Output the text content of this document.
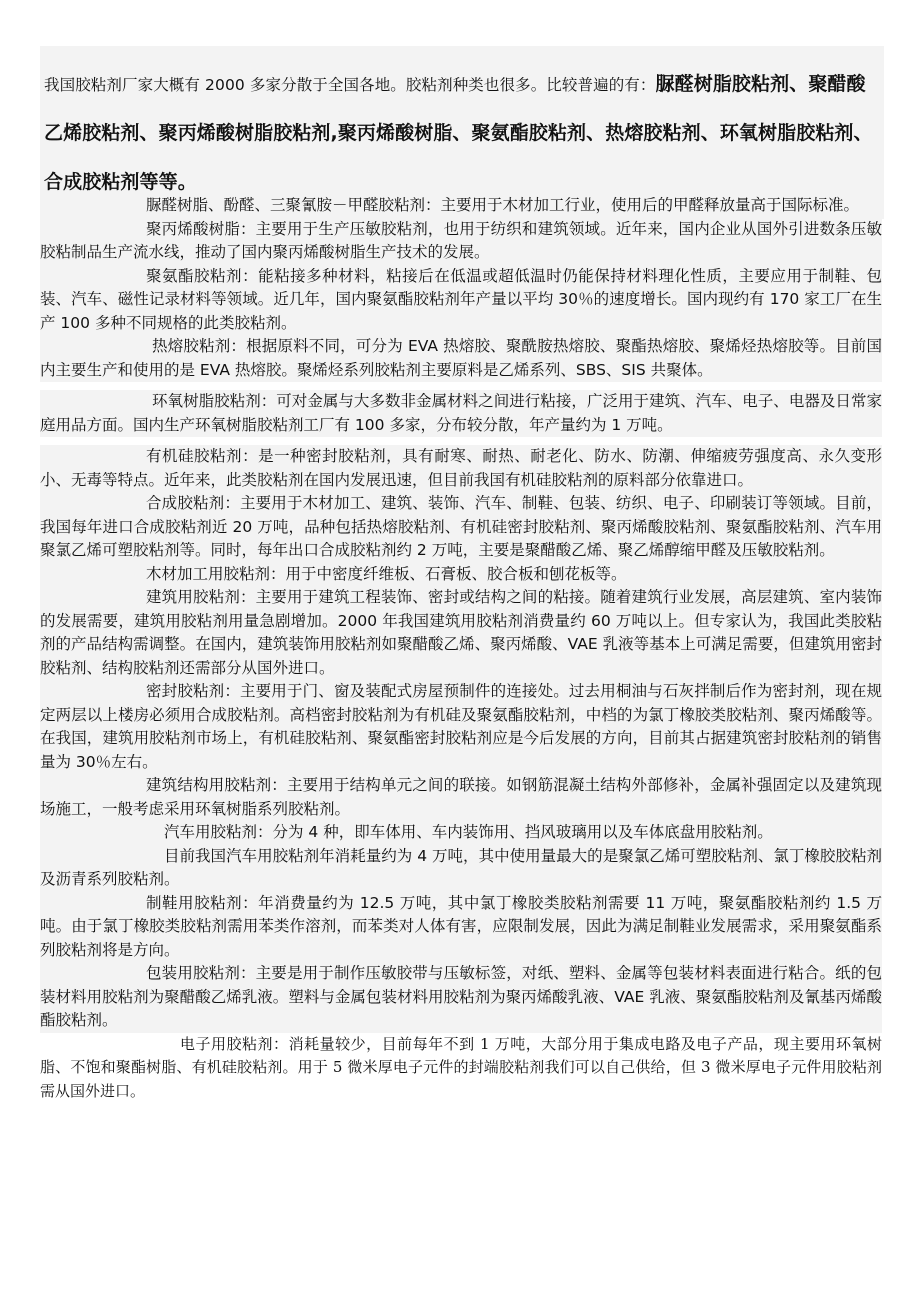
我国胶粘剂厂家大概有 2000 多家分散于全国各地。胶粘剂种类也很多。比较普遍的有：脲醛树脂胶粘剂、聚醋酸乙烯胶粘剂、聚丙烯酸树脂胶粘剂,聚丙烯酸树脂、聚氨酯胶粘剂、热熔胶粘剂、环氧树脂胶粘剂、合成胶粘剂等等。

脲醛树脂、酚醛、三聚氰胺－甲醛胶粘剂：主要用于木材加工行业，使用后的甲醛释放量高于国际标准。

聚丙烯酸树脂：主要用于生产压敏胶粘剂，也用于纺织和建筑领域。近年来，国内企业从国外引进数条压敏胶粘制品生产流水线，推动了国内聚丙烯酸树脂生产技术的发展。

聚氨酯胶粘剂：能粘接多种材料，粘接后在低温或超低温时仍能保持材料理化性质，主要应用于制鞋、包装、汽车、磁性记录材料等领域。近几年，国内聚氨酯胶粘剂年产量以平均 30％的速度增长。国内现约有 170 家工厂在生产 100 多种不同规格的此类胶粘剂。

热熔胶粘剂：根据原料不同，可分为 EVA 热熔胶、聚酰胺热熔胶、聚酯热熔胶、聚烯烃热熔胶等。目前国内主要生产和使用的是 EVA 热熔胶。聚烯烃系列胶粘剂主要原料是乙烯系列、SBS、SIS 共聚体。

环氧树脂胶粘剂：可对金属与大多数非金属材料之间进行粘接，广泛用于建筑、汽车、电子、电器及日常家庭用品方面。国内生产环氧树脂胶粘剂工厂有 100 多家，分布较分散，年产量约为 1 万吨。

有机硅胶粘剂：是一种密封胶粘剂，具有耐寒、耐热、耐老化、防水、防潮、伸缩疲劳强度高、永久变形小、无毒等特点。近年来，此类胶粘剂在国内发展迅速，但目前我国有机硅胶粘剂的原料部分依靠进口。

合成胶粘剂：主要用于木材加工、建筑、装饰、汽车、制鞋、包装、纺织、电子、印刷装订等领域。目前，我国每年进口合成胶粘剂近 20 万吨，品种包括热熔胶粘剂、有机硅密封胶粘剂、聚丙烯酸胶粘剂、聚氨酯胶粘剂、汽车用聚氯乙烯可塑胶粘剂等。同时，每年出口合成胶粘剂约 2 万吨，主要是聚醋酸乙烯、聚乙烯醇缩甲醛及压敏胶粘剂。

木材加工用胶粘剂：用于中密度纤维板、石膏板、胶合板和刨花板等。

建筑用胶粘剂：主要用于建筑工程装饰、密封或结构之间的粘接。随着建筑行业发展，高层建筑、室内装饰的发展需要，建筑用胶粘剂用量急剧增加。2000 年我国建筑用胶粘剂消费量约 60 万吨以上。但专家认为，我国此类胶粘剂的产品结构需调整。在国内，建筑装饰用胶粘剂如聚醋酸乙烯、聚丙烯酸、VAE 乳液等基本上可满足需要，但建筑用密封胶粘剂、结构胶粘剂还需部分从国外进口。

密封胶粘剂：主要用于门、窗及装配式房屋预制件的连接处。过去用桐油与石灰拌制后作为密封剂，现在规定两层以上楼房必须用合成胶粘剂。高档密封胶粘剂为有机硅及聚氨酯胶粘剂，中档的为氯丁橡胶类胶粘剂、聚丙烯酸等。在我国，建筑用胶粘剂市场上，有机硅胶粘剂、聚氨酯密封胶粘剂应是今后发展的方向，目前其占据建筑密封胶粘剂的销售量为 30％左右。

建筑结构用胶粘剂：主要用于结构单元之间的联接。如钢筋混凝土结构外部修补，金属补强固定以及建筑现场施工，一般考虑采用环氧树脂系列胶粘剂。

汽车用胶粘剂：分为 4 种，即车体用、车内装饰用、挡风玻璃用以及车体底盘用胶粘剂。

目前我国汽车用胶粘剂年消耗量约为 4 万吨，其中使用量最大的是聚氯乙烯可塑胶粘剂、氯丁橡胶胶粘剂及沥青系列胶粘剂。

制鞋用胶粘剂：年消费量约为 12.5 万吨，其中氯丁橡胶类胶粘剂需要 11 万吨，聚氨酯胶粘剂约 1.5 万吨。由于氯丁橡胶类胶粘剂需用苯类作溶剂，而苯类对人体有害，应限制发展，因此为满足制鞋业发展需求，采用聚氨酯系列胶粘剂将是方向。

包装用胶粘剂：主要是用于制作压敏胶带与压敏标签，对纸、塑料、金属等包装材料表面进行粘合。纸的包装材料用胶粘剂为聚醋酸乙烯乳液。塑料与金属包装材料用胶粘剂为聚丙烯酸乳液、VAE 乳液、聚氨酯胶粘剂及氰基丙烯酸酯胶粘剂。

电子用胶粘剂：消耗量较少，目前每年不到 1 万吨，大部分用于集成电路及电子产品，现主要用环氧树脂、不饱和聚酯树脂、有机硅胶粘剂。用于 5 微米厚电子元件的封端胶粘剂我们可以自己供给，但 3 微米厚电子元件用胶粘剂需从国外进口。
